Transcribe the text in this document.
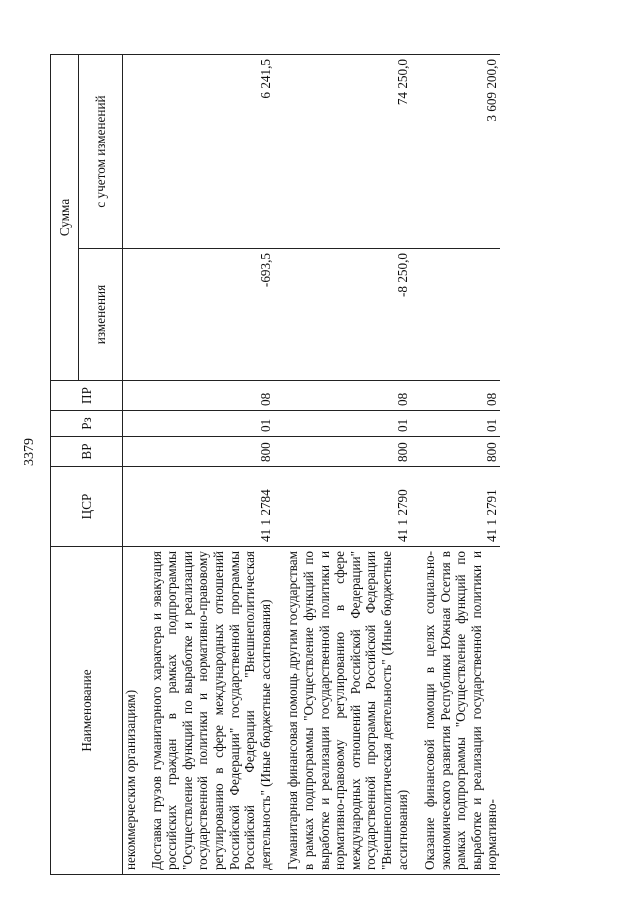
3379
Наименование	ЦСР	ВР	Рз	ПР	Сумма	
					изменения	с учетом изменений
некоммерческим организациям)						

Доставка грузов гуманитарного характера и эвакуация российских граждан в рамках подпрограммы "Осуществление функций по выработке и реализации государственной политики и нормативно-правовому регулированию в сфере международных отношений Российской Федерации" государственной программы Российской Федерации "Внешнеполитическая деятельность" (Иные бюджетные ассигнования)	41 1 2784	800	01	08	-693,5	6 241,5

Гуманитарная финансовая помощь другим государствам в рамках подпрограммы "Осуществление функций по выработке и реализации государственной политики и нормативно-правовому регулированию в сфере международных отношений Российской Федерации" государственной программы Российской Федерации "Внешнеполитическая деятельность" (Иные бюджетные ассигнования)	41 1 2790	800	01	08	-8 250,0	74 250,0

Оказание финансовой помощи в целях социально-экономического развития Республики Южная Осетия в рамках подпрограммы "Осуществление функций по выработке и реализации государственной политики и нормативно-	41 1 2791	800	01	08		3 609 200,0
